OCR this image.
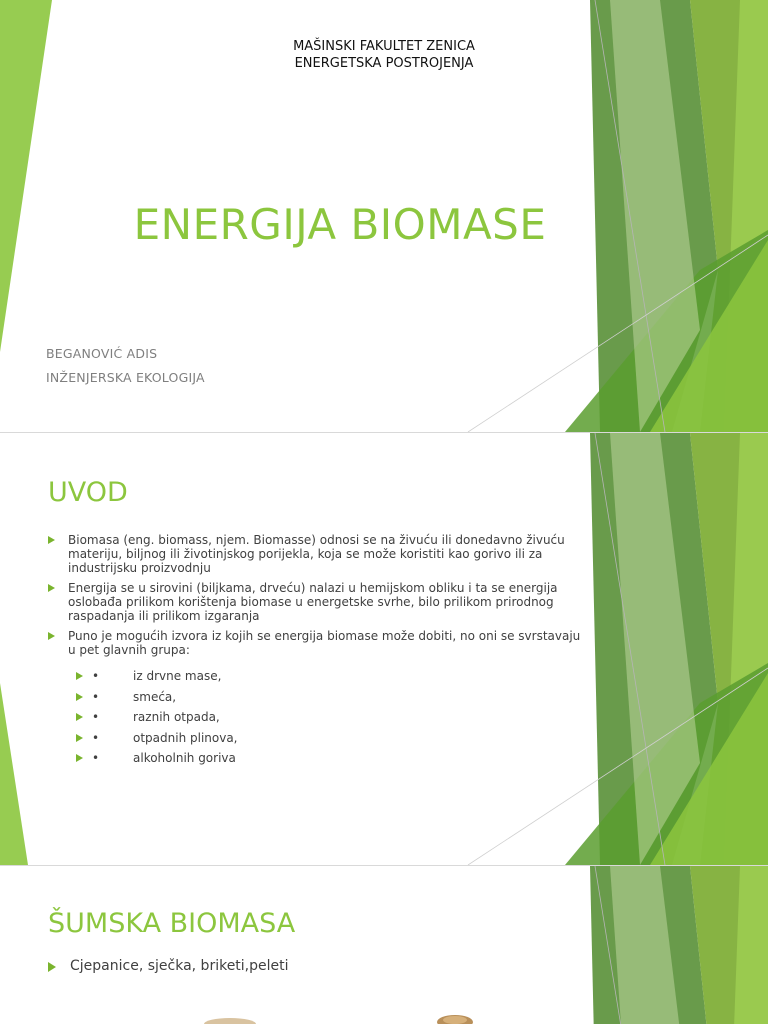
MAŠINSKI FAKULTET ZENICA
ENERGETSKA POSTROJENJA
ENERGIJA BIOMASE
BEGANOVIĆ ADIS
INŽENJERSKA EKOLOGIJA
UVOD
Biomasa (eng. biomass, njem. Biomasse) odnosi se na živuću ili donedavno živuću materiju, biljnog ili životinjskog porijekla, koja se može koristiti kao gorivo ili za industrijsku proizvodnju
Energija se u sirovini (biljkama, drveću) nalazi u hemijskom obliku i ta se energija oslobađa prilikom korištenja biomase u energetske svrhe, bilo prilikom prirodnog raspadanja ili prilikom izgaranja
Puno je mogućih izvora iz kojih se energija biomase može dobiti, no oni se svrstavaju u pet glavnih grupa:
•	iz drvne mase,
•	smeća,
•	raznih otpada,
•	otpadnih plinova,
•	alkoholnih goriva
ŠUMSKA BIOMASA
Cjepanice, sječka, briketi,peleti
